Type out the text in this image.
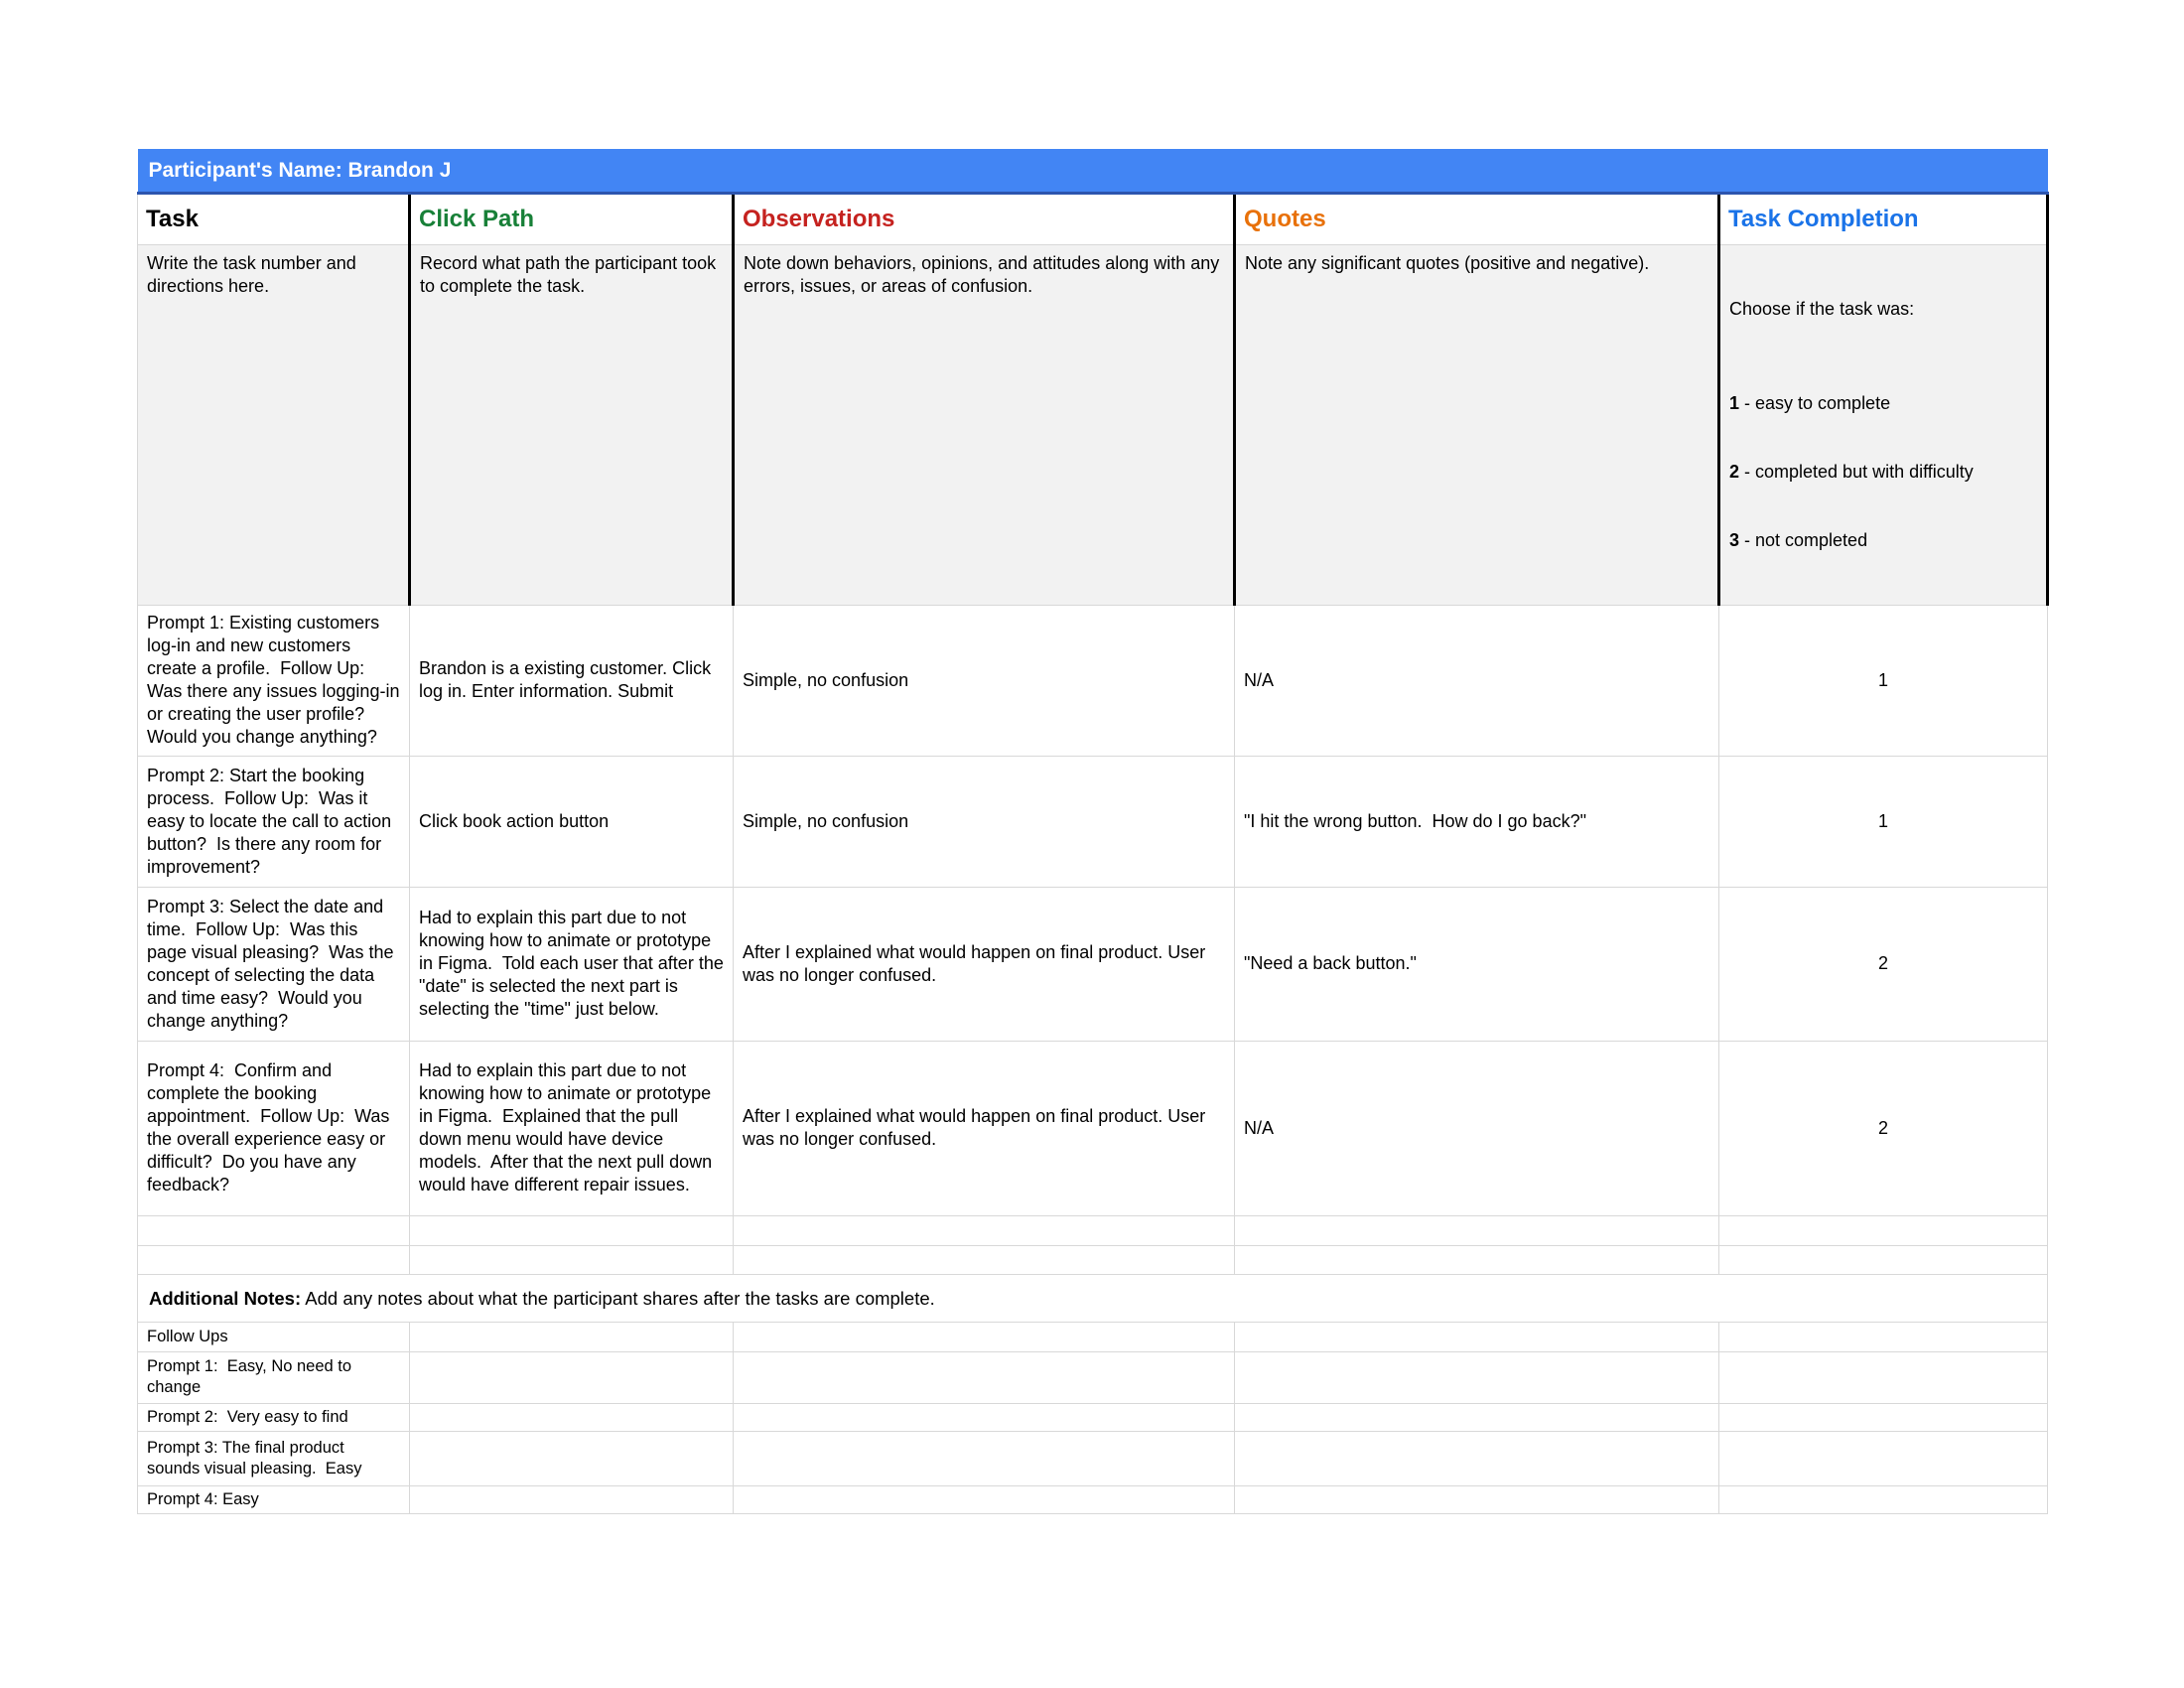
Participant's Name: Brandon J				
Task	Click Path	Observations	Quotes	Task Completion
Write the task number and directions here.	Record what path the participant took to complete the task.	Note down behaviors, opinions, and attitudes along with any errors, issues, or areas of confusion.	Note any significant quotes (positive and negative).	Choose if the task was:

1 - easy to complete

2 - completed but with difficulty

3 - not completed

Prompt 1: Existing customers log-in and new customers create a profile.  Follow Up:  Was there any issues logging-in or creating the user profile?  Would you change anything?	Brandon is a existing customer. Click log in. Enter information. Submit	Simple, no confusion	N/A	1
Prompt 2: Start the booking process.  Follow Up:  Was it easy to locate the call to action button?  Is there any room for improvement?	Click book action button	Simple, no confusion	"I hit the wrong button.  How do I go back?"	1
Prompt 3: Select the date and time.  Follow Up:  Was this page visual pleasing?  Was the concept of selecting the data and time easy?  Would you change anything?	Had to explain this part due to not knowing how to animate or prototype in Figma.  Told each user that after the "date" is selected the next part is selecting the "time" just below.	After I explained what would happen on final product. User was no longer confused.	"Need a back button."	2
Prompt 4:  Confirm and complete the booking appointment.  Follow Up:  Was the overall experience easy or difficult?  Do you have any feedback?	Had to explain this part due to not knowing how to animate or prototype in Figma.  Explained that the pull down menu would have device models.  After that the next pull down would have different repair issues.	After I explained what would happen on final product. User was no longer confused.	N/A	2

Additional Notes: Add any notes about what the participant shares after the tasks are complete.				
Follow Ups				
Prompt 1:  Easy, No need to change				
Prompt 2:  Very easy to find				
Prompt 3: The final product sounds visual pleasing.  Easy				
Prompt 4: Easy				
